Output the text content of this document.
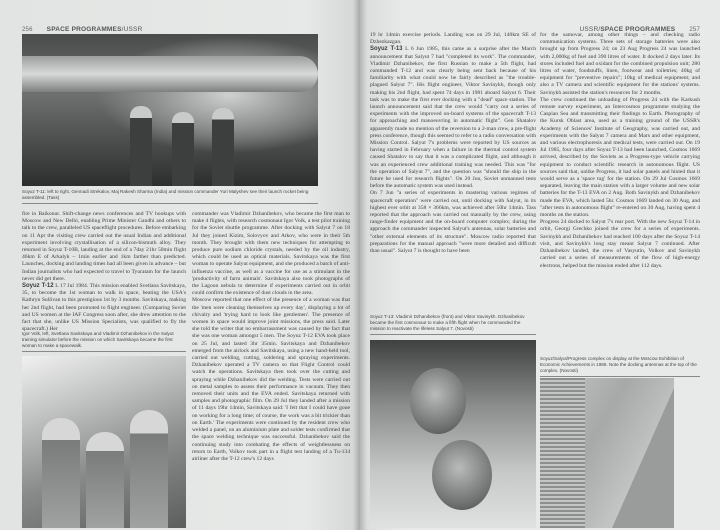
256 SPACE PROGRAMMES/USSR
Soyuz T-11: left to right, Gennadi Strekalov, Maj Rakesh Sharma (India) and mission commander Yuri Malyshev see their launch rocket being assembled. (Tass)

fire in Baikonur. Shift-change news conferences and TV hookups with Moscow and New Delhi, enabling Prime Minister Gandhi and others to talk to the crew, paralleled US spaceflight procedures. Before embarking on 11 Apr the visiting crew carried out the usual Indian and additional experiment involving crystallisation of a silicon-bismuth alloy. They returned in Soyuz T-10B, landing at the end of a 7day 21hr 50min flight 46km E of Arkalyk – 1min earlier and 1km farther than predicted. Launches, docking and landing times had all been given in advance – but Indian journalists who had expected to travel to Tyuratam for the launch never did get there.

Soyuz T-12 L 17 Jul 1984. This mission enabled Svetlana Savitskaya, 35, to become the 1st woman to walk in space, beating the USA's Kathryn Sullivan to this prestigious 1st by 3 months. Savitskaya, making her 2nd flight, had been promoted to flight engineer. (Comparing Soviet and US women at the IAF Congress soon after, she drew attention to the fact that she, unlike US Mission Specialists, was qualified to fly the spacecraft.) Her

Igor Volk, left, Svetlana Savitskaya and Vladimir Dzhanibekov in the Salyut training simulator before the mission on which Savitskaya became the first woman to make a spacewalk.

commander was Vladimir Dzhanibekov, who became the first man to make 4 flights, with research cosmonaut Igor Volk, a test pilot training for the Soviet shuttle programme. After docking with Salyut 7 on 18 Jul they joined Kizim, Solovyov and Atkov, who were in their 5th month. They brought with them new techniques for attempting to produce pure sodium chloride crystals, needed by the oil industry, which could be used as optical materials. Savitskaya was the first woman to operate Salyut equipment, and she produced a batch of anti-influenza vaccine, as well as a vaccine for use as a stimulant in the 'productivity of farm animals'. Savitskaya also took photographs of the Lagoon nebula to determine if experiments carried out in orbit could confirm the existence of dust clouds in the area.

Moscow reported that one effect of the presence of a woman was that the 'men were cleaning themselves up every day', displaying a lot of chivalry and 'trying hard to look like gentlemen'. The presence of women in space would improve joint missions, the press said. Later she told the writer that no embarrassment was caused by the fact that she was one woman amongst 5 men. The Soyuz T-12 EVA took place on 25 Jul, and lasted 3hr 35min. Savitskaya and Dzhanibekov emerged from the airlock and Savitskaya, using a new hand-held tool, carried out welding, cutting, soldering and spraying experiments. Dzhanibekov operated a TV camera so that Flight Control could watch the operations. Savitskaya then took over the cutting and spraying while Dzhanibekov did the welding. Tests were carried out on metal samples to assess their performance in vacuum. They then removed their units and the EVA ended. Savitskaya returned with samples and photographic film. On 29 Jul they landed after a mission of 11 days 19hr 14min, Savitskaya said: 'I felt that I could have gone on working for a long time; of course, the work was a bit trickier than on Earth.' The experiments were continued by the resident crew who welded a panel, on an aluminium plate and solder tests confirmed that the space welding technique was successful. Dzhanibekov said the continuing study into combating the effects of weightlessness on return to Earth, Volkov took part in a flight test landing of a Tu-134 airliner after the T-12 crew's 12 days

USSR/SPACE PROGRAMMES 257

19 hr 14min exercise periods. Landing was on 29 Jul, 140km SE of Dzhezkazgan.

Soyuz T-13 L 6 Jun 1985, this came as a surprise after the March announcement that Salyut 7 had "completed its work". The commander, Vladimir Dzhanibekov, the first Russian to make a 5th flight, had commanded T-12 and was clearly being sent back because of his familiarity with what could now be fairly described as "the trouble-plagued Salyut 7". His flight engineer, Viktor Savinykh, though only making his 2nd flight, had spent 74 days in 1981 aboard Salyut 6. Their task was to make the first ever docking with a "dead" space station. The launch announcement said that the crew would "carry out a series of experiments with the improved on-board systems of the spacecraft T-13 for approaching and manoeuvring in automatic flight". Gen Shatalov apparently made no mention of the reversion to a 2-man crew, a pre-flight press conference, though this seemed to refer to a radio conversation with Mission Control. Salyut 7's problems were reported by US sources as having started in February when a failure in the thermal control system caused Shatalov to say that it was a complicated flight, and although it was an experienced crew additional training was needed. This was "for the operation of Salyut 7", and the question was "should the ship in the future be used for research flights". On 20 Jun, Soviet unmanned tests before the automatic system was used instead.

On 7 Jun "a series of experiments in mastering various regimes of spacecraft operation" were carried out, until docking with Salyut, in its highest ever orbit at 358 × 366km, was achieved after 50hr 14min. Tass reported that the approach was carried out manually by the crew, using range-finder equipment and the on-board computer complex; during the approach the commander inspected Salyut's antennas, solar batteries and "other external elements of its structure". Moscow radio reported that preparations for the manual approach "were more detailed and difficult than usual". Salyut 7 is thought to have been

Soyuz T-13: Vladimir Dzhanibekov (front) and Viktor Savinykh. Dzhanibekov became the first cosmonaut to make a fifth flight when he commanded the mission to reactivate the lifeless Salyut 7. (Novosti)

for the samovar, among other things – and checking radio communication systems. Three sets of storage batteries were also brought up from Progress 24; on 23 Aug Progress 24 was launched with 2,000kg of fuel and 390 litres of water. It docked 2 days later. Its stores included fuel and oxidant for the combined propulsion unit; 280 litres of water, foodstuffs, linen, footwear and toiletries; 40kg of equipment for "preventive repairs"; 10kg of medical equipment; and also a TV camera and scientific equipment for the stations' systems. Savinykh assisted the station's resources for 2 months.

The crew continued the unloading of Progress 24 with the Karkush remote survey experiment, an Intercosmos programme studying the Caspian Sea and transmitting their findings to Earth. Photography of the Kursk Oblast area, used as a training ground of the USSR's Academy of Sciences' Institute of Geography, was carried out, and experiments with the Salyut 7 camera and Mars and other equipment, and various electrophoresis and medical tests, were carried out. On 19 Jul 1985, four days after Soyuz T-13 had been launched, Cosmos 1669 arrived, described by the Soviets as a Progress-type vehicle carrying equipment to conduct scientific research in autonomous flight. US sources said that, unlike Progress, it had solar panels and hinted that it would serve as a 'space tug' for the station. On 29 Jul Cosmos 1669 separated, leaving the main station with a larger volume and new solar batteries for the T-13 EVA on 2 Aug. Both Savinykh and Dzhanibekov made the EVA, which lasted 5hr. Cosmos 1669 landed on 30 Aug, and "after tests in autonomous flight" re-entered on 30 Aug, having spent 4 months on the station.

Progress 24 docked to Salyut 7's rear port. With the new Soyuz T-14 in orbit, Georgi Grechko joined the crew for a series of experiments. Savinykh and Dzhanibekov had reached 100 days after the Soyuz T-14 visit, and Savinykh's long stay meant Salyut 7 continued. After Dzhanibekov landed, the crew of Vasyutin, Volkov and Savinykh carried out a series of measurements of the flow of high-energy electrons, helped but the mission ended after 112 days.

Soyuz/Salyut/Progress complex on display at the Moscow Exhibition of Economic Achievements in 1985. Note the docking antennas at the top of the complex. (Novosti)
